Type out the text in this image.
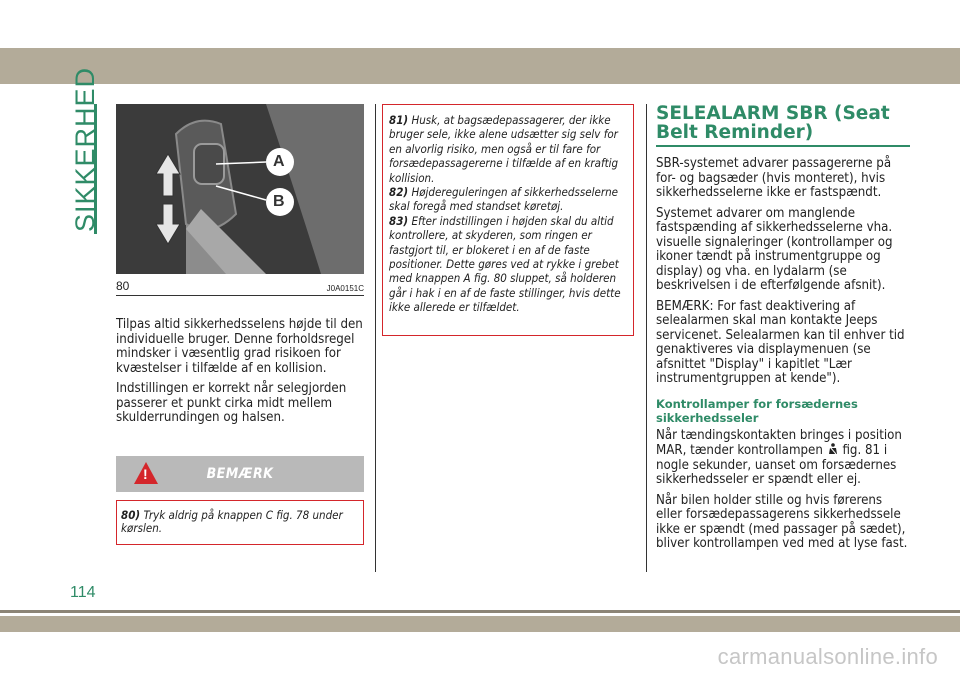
SIKKERHED	A
B
80	J0A0151C

Tilpas altid sikkerhedsselens højde til den individuelle bruger. Denne forholdsregel mindsker i væsentlig grad risikoen for kvæstelser i tilfælde af en kollision.

Indstillingen er korrekt når selegjorden passerer et punkt cirka midt mellem skulderrundingen og halsen.

!	BEMÆRK
80) Tryk aldrig på knappen C fig. 78 under kørslen.

81) Husk, at bagsædepassagerer, der ikke bruger sele, ikke alene udsætter sig selv for en alvorlig risiko, men også er til fare for forsædepassagererne i tilfælde af en kraftig kollision.

82) Højdereguleringen af sikkerhedsselerne skal foregå med standset køretøj.

83) Efter indstillingen i højden skal du altid kontrollere, at skyderen, som ringen er fastgjort til, er blokeret i en af de faste positioner. Dette gøres ved at rykke i grebet med knappen A fig. 80 sluppet, så holderen går i hak i en af de faste stillinger, hvis dette ikke allerede er tilfældet.

SELEALARM SBR (Seat Belt Reminder)

SBR-systemet advarer passagererne på for- og bagsæder (hvis monteret), hvis sikkerhedsselerne ikke er fastspændt.

Systemet advarer om manglende fastspænding af sikkerhedsselerne vha. visuelle signaleringer (kontrollamper og ikoner tændt på instrumentgruppe og display) og vha. en lydalarm (se beskrivelsen i de efterfølgende afsnit).

BEMÆRK: For fast deaktivering af selealarmen skal man kontakte Jeeps servicenet. Selealarmen kan til enhver tid genaktiveres via displaymenuen (se afsnittet "Display" i kapitlet "Lær instrumentgruppen at kende").

Kontrollamper for forsædernes sikkerhedsseler

Når tændingskontakten bringes i position MAR, tænder kontrollampen fig. 81 i nogle sekunder, uanset om forsædernes sikkerhedsseler er spændt eller ej.

Når bilen holder stille og hvis førerens eller forsædepassagerens sikkerhedssele ikke er spændt (med passager på sædet), bliver kontrollampen ved med at lyse fast.

114
carmanualsonline.info
